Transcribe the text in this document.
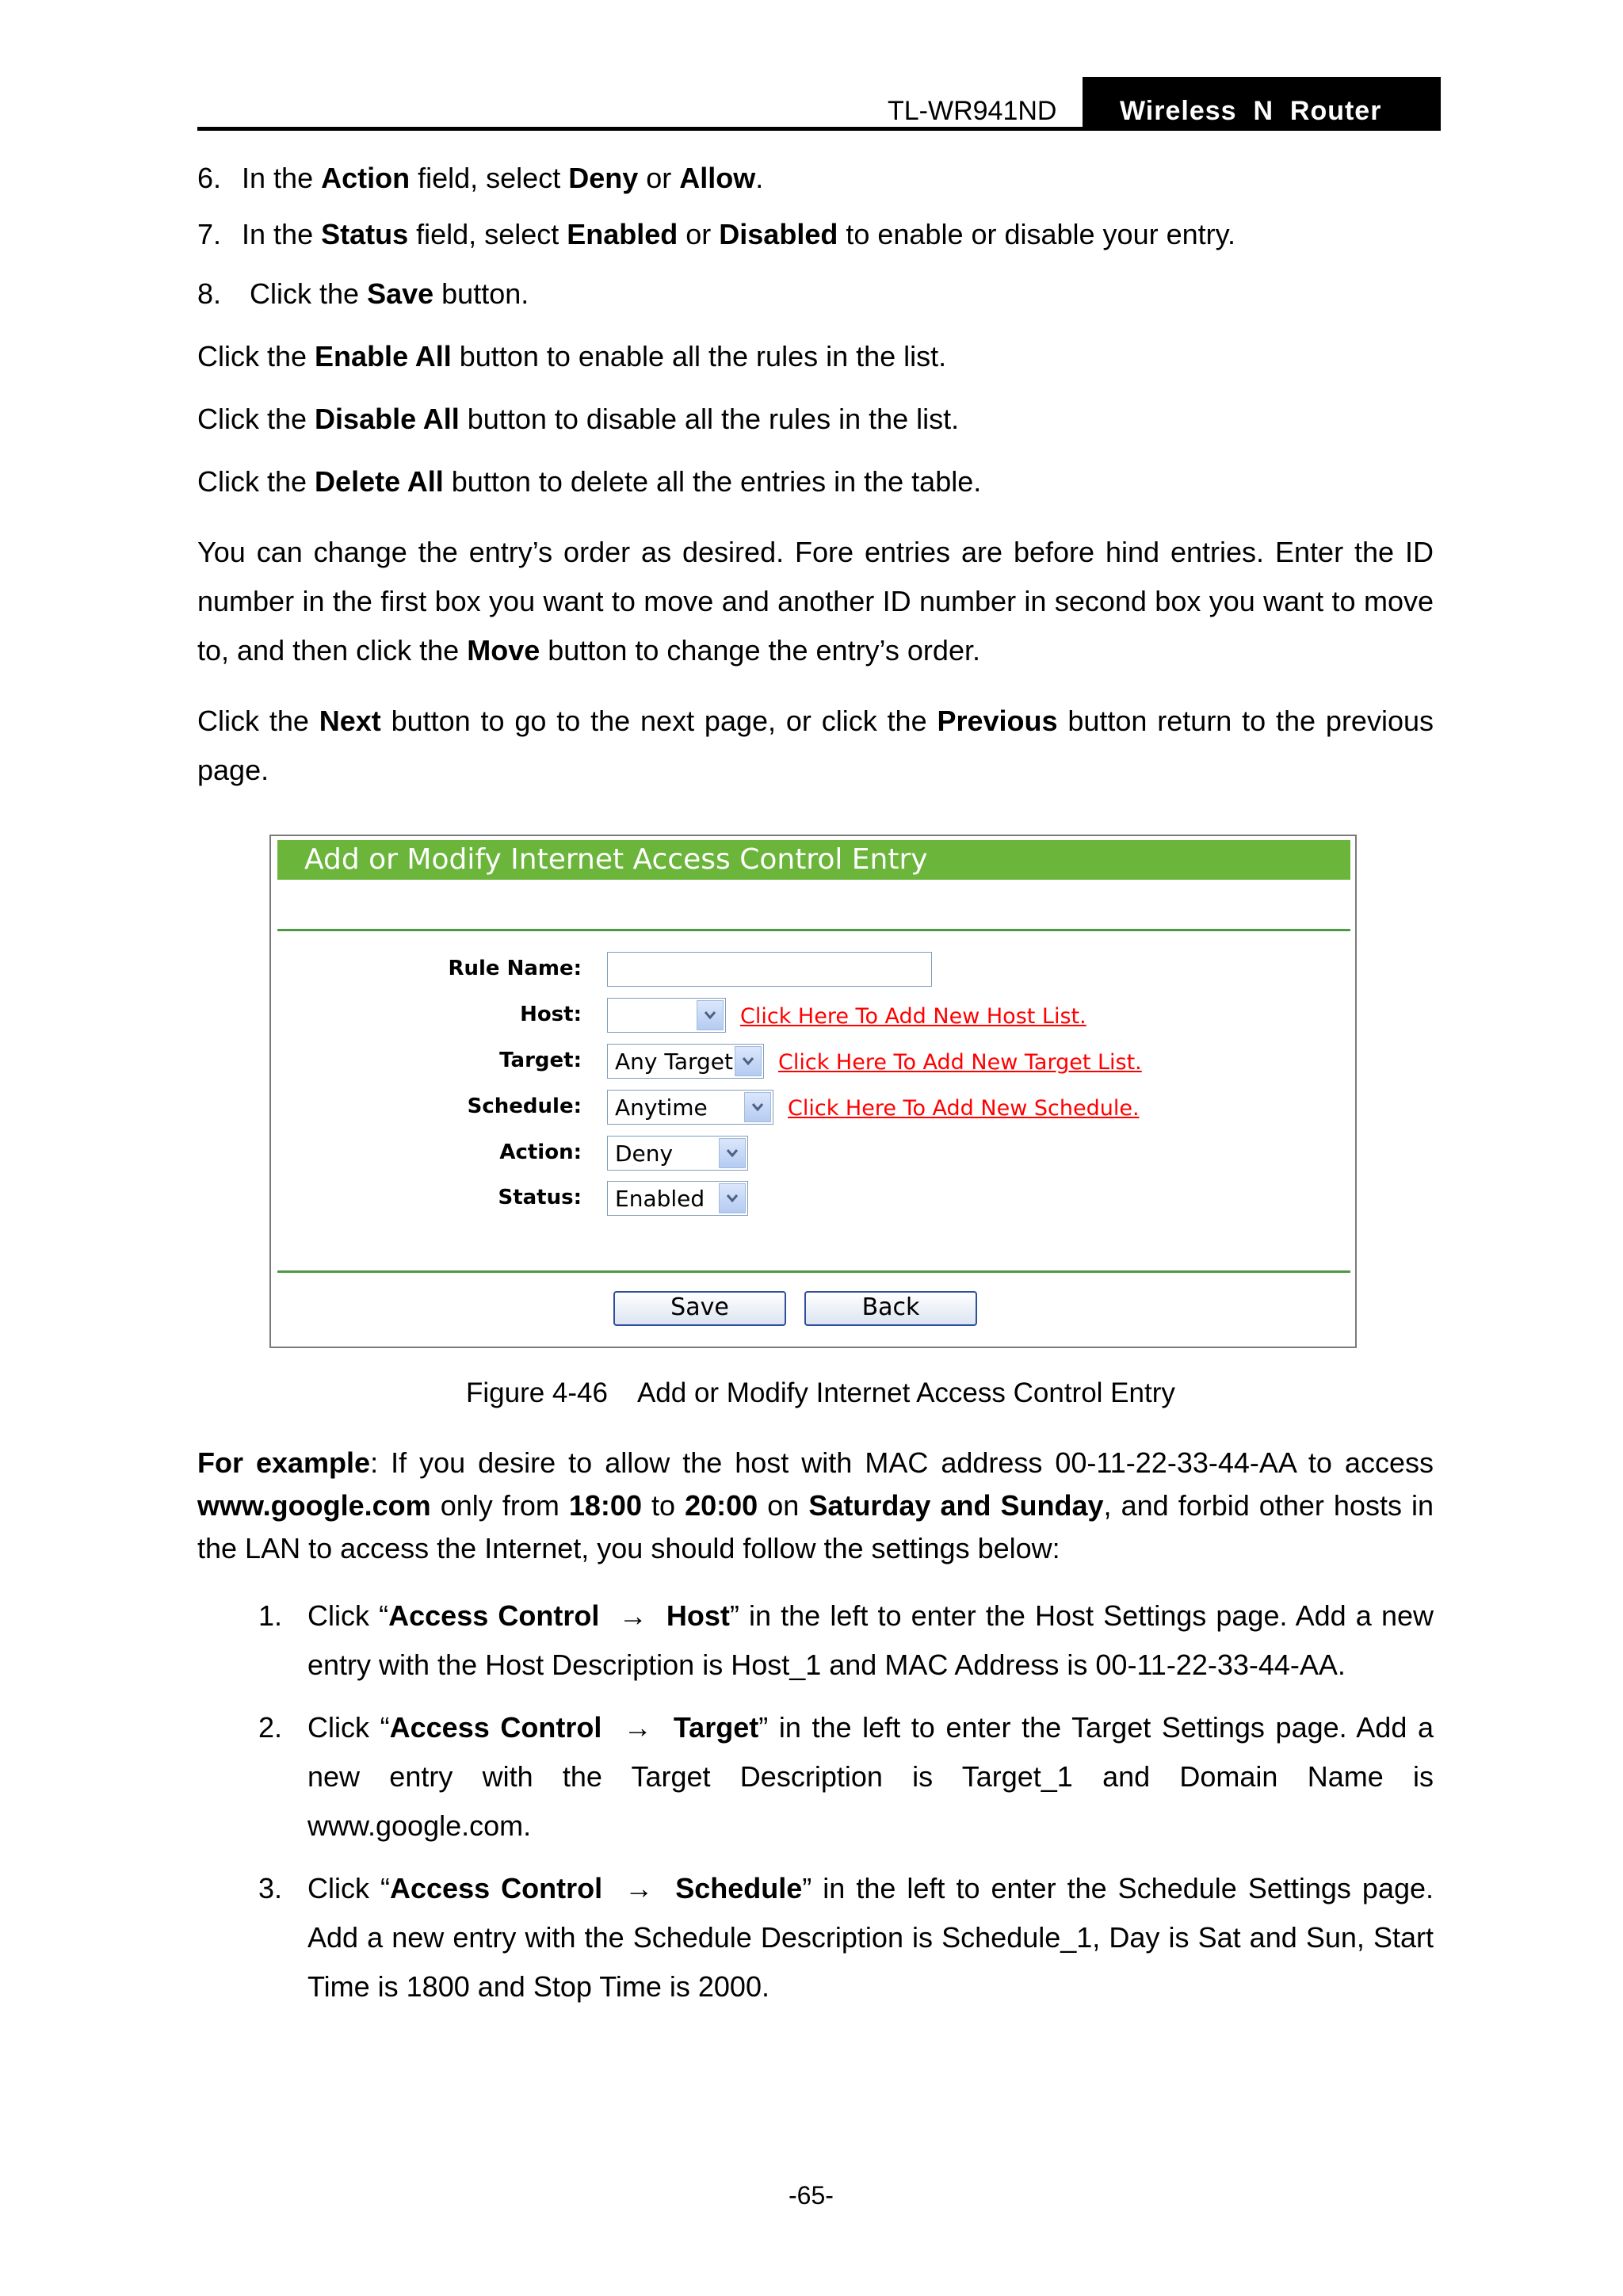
TL-WR941ND Wireless  N  Router
6. In the Action field, select Deny or Allow.
7. In the Status field, select Enabled or Disabled to enable or disable your entry.
8. Click the Save button.
Click the Enable All button to enable all the rules in the list.
Click the Disable All button to disable all the rules in the list.
Click the Delete All button to delete all the entries in the table.
You can change the entry’s order as desired. Fore entries are before hind entries. Enter the ID
number in the first box you want to move and another ID number in second box you want to move
to, and then click the Move button to change the entry’s order.
Click the Next button to go to the next page, or click the Previous button return to the previous
page.
Add or Modify Internet Access Control Entry
Rule Name:
Host:
Target:
Schedule:
Action:
Status:
Click Here To Add New Host List.
Any Target Click Here To Add New Target List.
Anytime	Click Here To Add New Schedule.
Deny
Enabled
Save	Back
Figure 4-46    Add or Modify Internet Access Control Entry
For example: If you desire to allow the host with MAC address 00-11-22-33-44-AA to access
www.google.com only from 18:00 to 20:00 on Saturday and Sunday, and forbid other hosts in
the LAN to access the Internet, you should follow the settings below:
1. Click “Access Control  →  Host” in the left to enter the Host Settings page. Add a new
entry with the Host Description is Host_1 and MAC Address is 00-11-22-33-44-AA.
2. Click “Access Control  →  Target” in the left to enter the Target Settings page. Add a
new entry with the Target Description is Target_1 and Domain Name is
www.google.com.
3. Click “Access Control  →  Schedule” in the left to enter the Schedule Settings page.
Add a new entry with the Schedule Description is Schedule_1, Day is Sat and Sun, Start
Time is 1800 and Stop Time is 2000.
-65-
